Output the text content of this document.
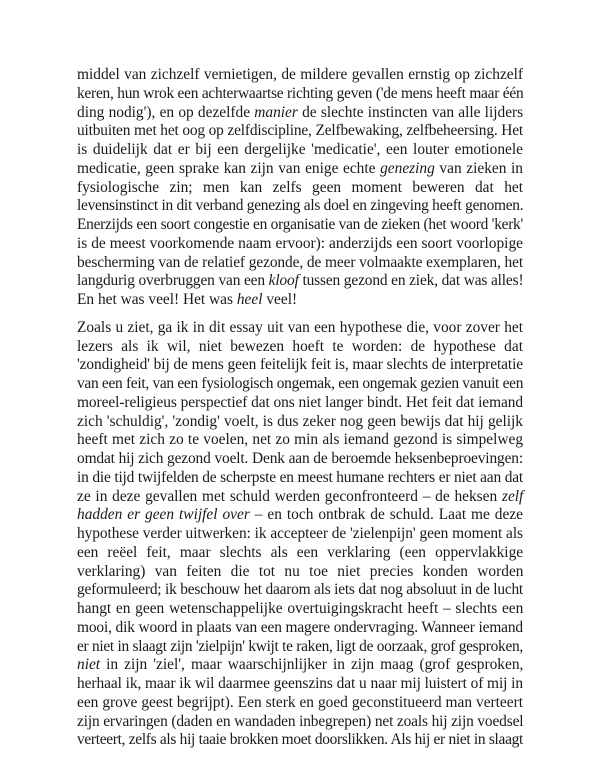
middel van zichzelf vernietigen, de mildere gevallen ernstig op zichzelf
keren, hun wrok een achterwaartse richting geven ('de mens heeft maar één
ding nodig'), en op dezelfde manier de slechte instincten van alle lijders
uitbuiten met het oog op zelfdiscipline, Zelfbewaking, zelfbeheersing. Het
is duidelijk dat er bij een dergelijke 'medicatie', een louter emotionele
medicatie, geen sprake kan zijn van enige echte genezing van zieken in
fysiologische zin; men kan zelfs geen moment beweren dat het
levensinstinct in dit verband genezing als doel en zingeving heeft genomen.
Enerzijds een soort congestie en organisatie van de zieken (het woord 'kerk'
is de meest voorkomende naam ervoor): anderzijds een soort voorlopige
bescherming van de relatief gezonde, de meer volmaakte exemplaren, het
langdurig overbruggen van een kloof tussen gezond en ziek, dat was alles!
En het was veel! Het was heel veel!

Zoals u ziet, ga ik in dit essay uit van een hypothese die, voor zover het
lezers als ik wil, niet bewezen hoeft te worden: de hypothese dat
'zondigheid' bij de mens geen feitelijk feit is, maar slechts de interpretatie
van een feit, van een fysiologisch ongemak, een ongemak gezien vanuit een
moreel-religieus perspectief dat ons niet langer bindt. Het feit dat iemand
zich 'schuldig', 'zondig' voelt, is dus zeker nog geen bewijs dat hij gelijk
heeft met zich zo te voelen, net zo min als iemand gezond is simpelweg
omdat hij zich gezond voelt. Denk aan de beroemde heksenbeproevingen:
in die tijd twijfelden de scherpste en meest humane rechters er niet aan dat
ze in deze gevallen met schuld werden geconfronteerd – de heksen zelf
hadden er geen twijfel over – en toch ontbrak de schuld. Laat me deze
hypothese verder uitwerken: ik accepteer de 'zielenpijn' geen moment als
een reëel feit, maar slechts als een verklaring (een oppervlakkige
verklaring) van feiten die tot nu toe niet precies konden worden
geformuleerd; ik beschouw het daarom als iets dat nog absoluut in de lucht
hangt en geen wetenschappelijke overtuigingskracht heeft – slechts een
mooi, dik woord in plaats van een magere ondervraging. Wanneer iemand
er niet in slaagt zijn 'zielpijn' kwijt te raken, ligt de oorzaak, grof gesproken,
niet in zijn 'ziel', maar waarschijnlijker in zijn maag (grof gesproken,
herhaal ik, maar ik wil daarmee geenszins dat u naar mij luistert of mij in
een grove geest begrijpt). Een sterk en goed geconstitueerd man verteert
zijn ervaringen (daden en wandaden inbegrepen) net zoals hij zijn voedsel
verteert, zelfs als hij taaie brokken moet doorslikken. Als hij er niet in slaagt
